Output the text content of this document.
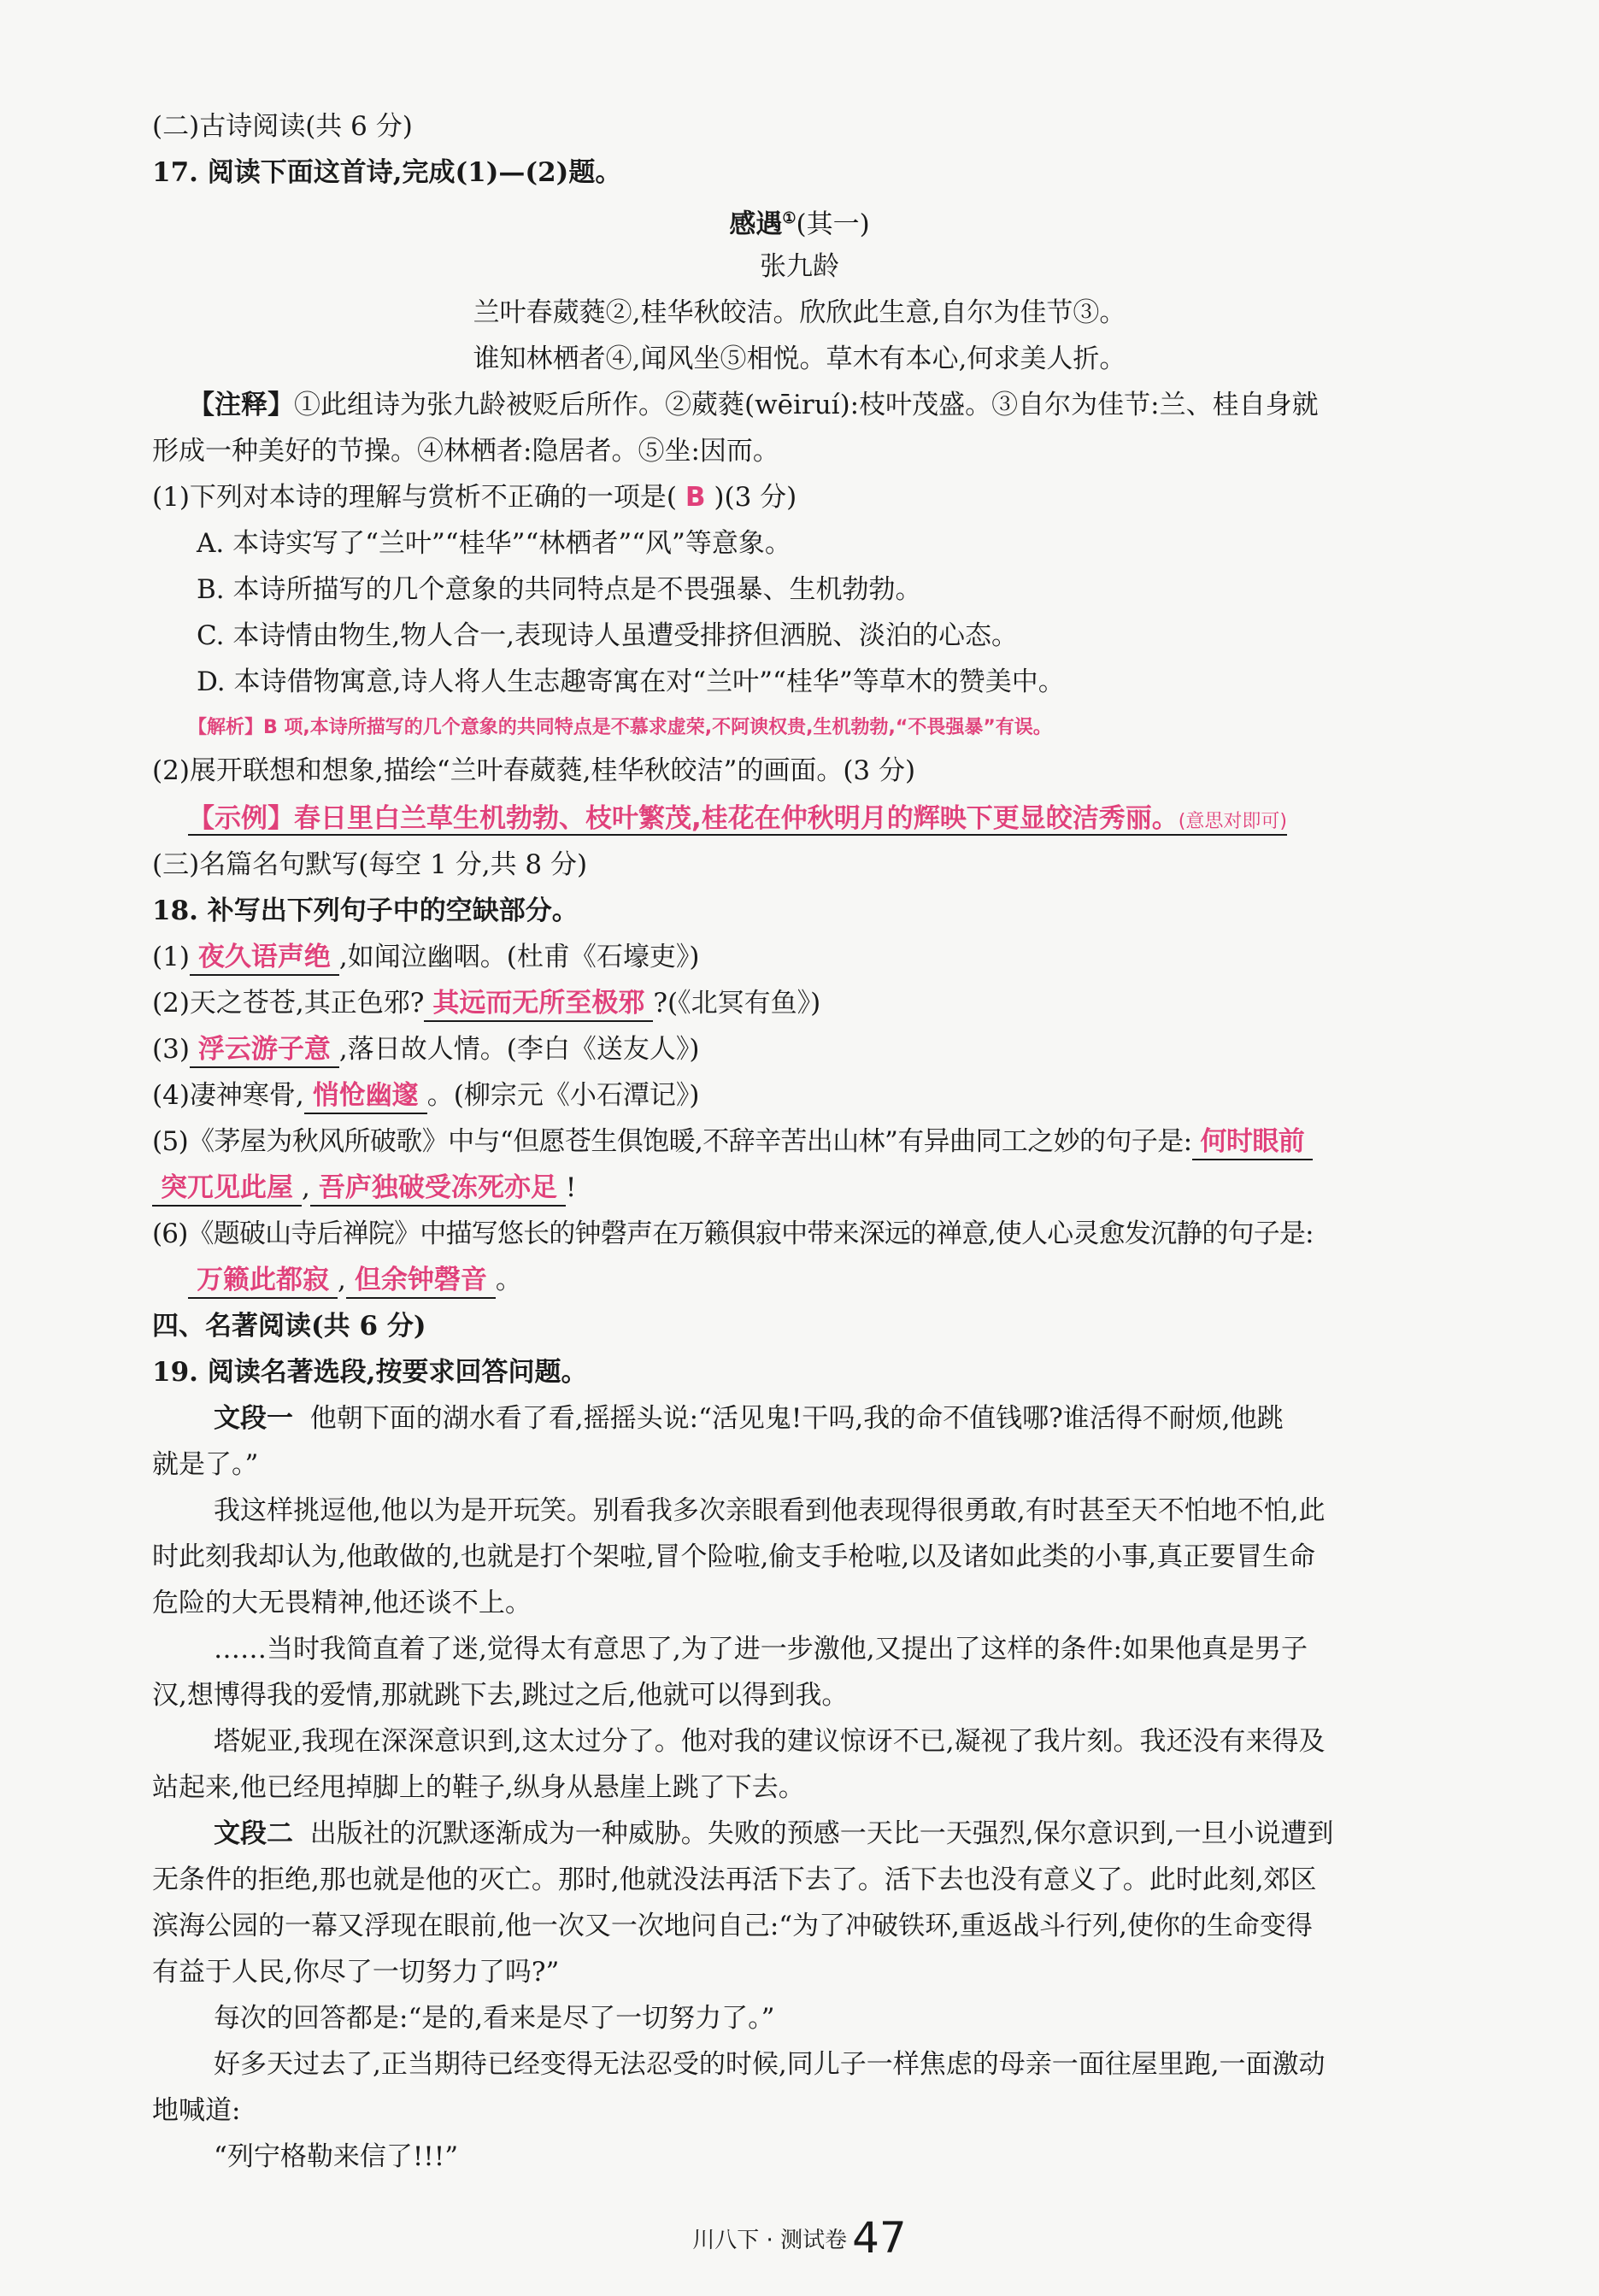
(二)古诗阅读(共 6 分)
17. 阅读下面这首诗,完成(1)—(2)题。
感遇①(其一)
张九龄
兰叶春葳蕤②,桂华秋皎洁。欣欣此生意,自尔为佳节③。
谁知林栖者④,闻风坐⑤相悦。草木有本心,何求美人折。
【注释】①此组诗为张九龄被贬后所作。②葳蕤(wēiruí):枝叶茂盛。③自尔为佳节:兰、桂自身就
形成一种美好的节操。④林栖者:隐居者。⑤坐:因而。
(1)下列对本诗的理解与赏析不正确的一项是( B )(3 分)
A. 本诗实写了“兰叶”“桂华”“林栖者”“风”等意象。
B. 本诗所描写的几个意象的共同特点是不畏强暴、生机勃勃。
C. 本诗情由物生,物人合一,表现诗人虽遭受排挤但洒脱、淡泊的心态。
D. 本诗借物寓意,诗人将人生志趣寄寓在对“兰叶”“桂华”等草木的赞美中。
【解析】B 项,本诗所描写的几个意象的共同特点是不慕求虚荣,不阿谀权贵,生机勃勃,“不畏强暴”有误。
(2)展开联想和想象,描绘“兰叶春葳蕤,桂华秋皎洁”的画面。(3 分)
【示例】春日里白兰草生机勃勃、枝叶繁茂,桂花在仲秋明月的辉映下更显皎洁秀丽。(意思对即可)
(三)名篇名句默写(每空 1 分,共 8 分)
18. 补写出下列句子中的空缺部分。
(1) 夜久语声绝 ,如闻泣幽咽。(杜甫《石壕吏》)
(2)天之苍苍,其正色邪? 其远而无所至极邪 ?(《北冥有鱼》)
(3) 浮云游子意 ,落日故人情。(李白《送友人》)
(4)凄神寒骨, 悄怆幽邃 。(柳宗元《小石潭记》)
(5)《茅屋为秋风所破歌》中与“但愿苍生俱饱暖,不辞辛苦出山林”有异曲同工之妙的句子是: 何时眼前
突兀见此屋 , 吾庐独破受冻死亦足 !
(6)《题破山寺后禅院》中描写悠长的钟磬声在万籁俱寂中带来深远的禅意,使人心灵愈发沉静的句子是:
万籁此都寂 , 但余钟磬音 。
四、名著阅读(共 6 分)
19. 阅读名著选段,按要求回答问题。
文段一 他朝下面的湖水看了看,摇摇头说:“活见鬼!干吗,我的命不值钱哪?谁活得不耐烦,他跳
就是了。”
我这样挑逗他,他以为是开玩笑。别看我多次亲眼看到他表现得很勇敢,有时甚至天不怕地不怕,此
时此刻我却认为,他敢做的,也就是打个架啦,冒个险啦,偷支手枪啦,以及诸如此类的小事,真正要冒生命
危险的大无畏精神,他还谈不上。
……当时我简直着了迷,觉得太有意思了,为了进一步激他,又提出了这样的条件:如果他真是男子
汉,想博得我的爱情,那就跳下去,跳过之后,他就可以得到我。
塔妮亚,我现在深深意识到,这太过分了。他对我的建议惊讶不已,凝视了我片刻。我还没有来得及
站起来,他已经甩掉脚上的鞋子,纵身从悬崖上跳了下去。
文段二 出版社的沉默逐渐成为一种威胁。失败的预感一天比一天强烈,保尔意识到,一旦小说遭到
无条件的拒绝,那也就是他的灭亡。那时,他就没法再活下去了。活下去也没有意义了。此时此刻,郊区
滨海公园的一幕又浮现在眼前,他一次又一次地问自己:“为了冲破铁环,重返战斗行列,使你的生命变得
有益于人民,你尽了一切努力了吗?”
每次的回答都是:“是的,看来是尽了一切努力了。”
好多天过去了,正当期待已经变得无法忍受的时候,同儿子一样焦虑的母亲一面往屋里跑,一面激动
地喊道:
“列宁格勒来信了!!!”
川八下 · 测试卷 47
